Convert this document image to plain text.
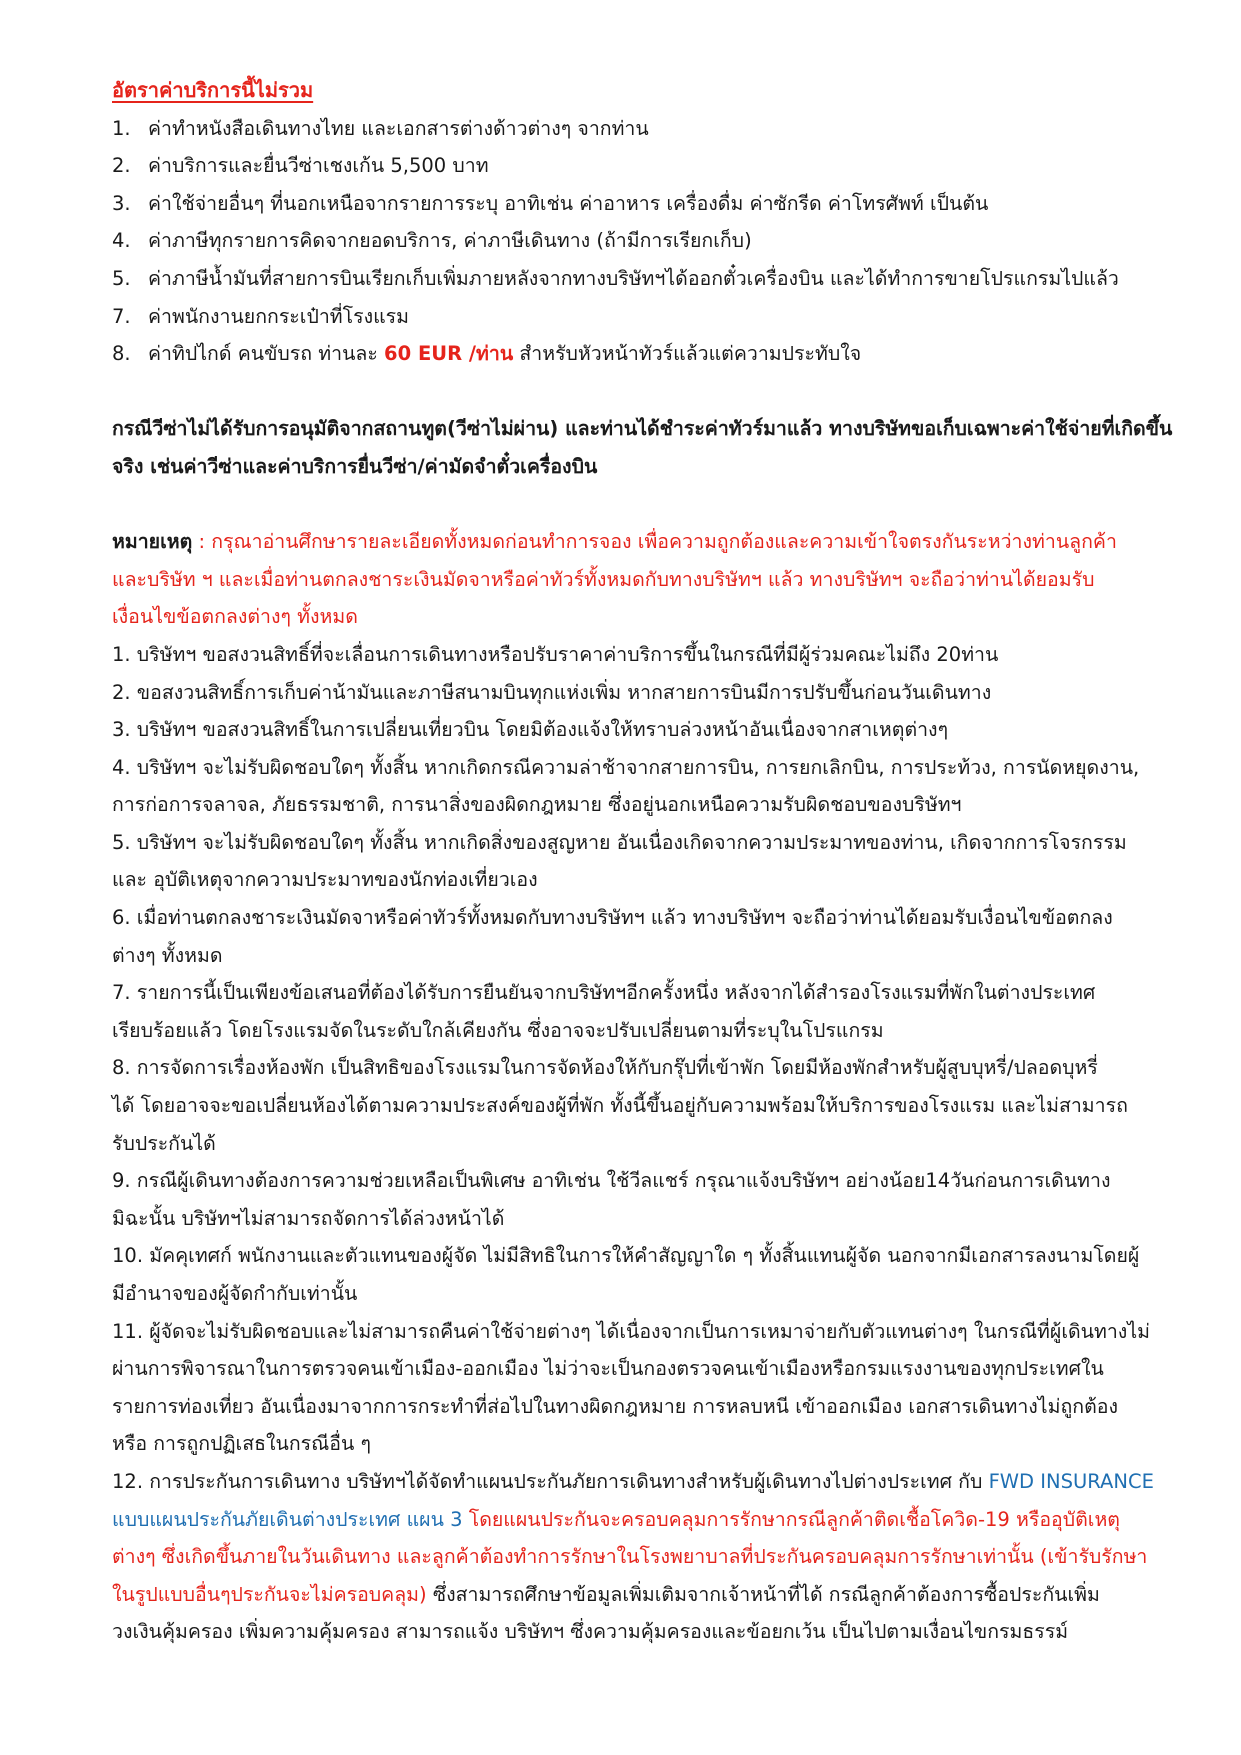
อัตราค่าบริการนี้ไม่รวม
1. ค่าทำหนังสือเดินทางไทย และเอกสารต่างด้าวต่างๆ จากท่าน
2. ค่าบริการและยื่นวีซ่าเชงเก้น 5,500 บาท
3. ค่าใช้จ่ายอื่นๆ ที่นอกเหนือจากรายการระบุ อาทิเช่น ค่าอาหาร เครื่องดื่ม ค่าซักรีด ค่าโทรศัพท์ เป็นต้น
4. ค่าภาษีทุกรายการคิดจากยอดบริการ, ค่าภาษีเดินทาง (ถ้ามีการเรียกเก็บ)
5. ค่าภาษีน้ำมันที่สายการบินเรียกเก็บเพิ่มภายหลังจากทางบริษัทฯได้ออกตั๋วเครื่องบิน และได้ทำการขายโปรแกรมไปแล้ว
7. ค่าพนักงานยกกระเป๋าที่โรงแรม
8. ค่าทิปไกด์ คนขับรถ ท่านละ 60 EUR /ท่าน สำหรับหัวหน้าทัวร์แล้วแต่ความประทับใจ
กรณีวีซ่าไม่ได้รับการอนุมัติจากสถานทูต(วีซ่าไม่ผ่าน) และท่านได้ชำระค่าทัวร์มาแล้ว ทางบริษัทขอเก็บเฉพาะค่าใช้จ่ายที่เกิดขึ้น
จริง เช่นค่าวีซ่าและค่าบริการยื่นวีซ่า/ค่ามัดจำตั๋วเครื่องบิน
หมายเหตุ : กรุณาอ่านศึกษารายละเอียดทั้งหมดก่อนทำการจอง เพื่อความถูกต้องและความเข้าใจตรงกันระหว่างท่านลูกค้า
และบริษัท ฯ และเมื่อท่านตกลงชาระเงินมัดจาหรือค่าทัวร์ทั้งหมดกับทางบริษัทฯ แล้ว ทางบริษัทฯ จะถือว่าท่านได้ยอมรับ
เงื่อนไขข้อตกลงต่างๆ ทั้งหมด
1. บริษัทฯ ขอสงวนสิทธิ์ที่จะเลื่อนการเดินทางหรือปรับราคาค่าบริการขึ้นในกรณีที่มีผู้ร่วมคณะไม่ถึง 20ท่าน
2. ขอสงวนสิทธิ์การเก็บค่าน้ามันและภาษีสนามบินทุกแห่งเพิ่ม หากสายการบินมีการปรับขึ้นก่อนวันเดินทาง
3. บริษัทฯ ขอสงวนสิทธิ์ในการเปลี่ยนเที่ยวบิน โดยมิต้องแจ้งให้ทราบล่วงหน้าอันเนื่องจากสาเหตุต่างๆ
4. บริษัทฯ จะไม่รับผิดชอบใดๆ ทั้งสิ้น หากเกิดกรณีความล่าช้าจากสายการบิน, การยกเลิกบิน, การประท้วง, การนัดหยุดงาน,
การก่อการจลาจล, ภัยธรรมชาติ, การนาสิ่งของผิดกฎหมาย ซึ่งอยู่นอกเหนือความรับผิดชอบของบริษัทฯ
5. บริษัทฯ จะไม่รับผิดชอบใดๆ ทั้งสิ้น หากเกิดสิ่งของสูญหาย อันเนื่องเกิดจากความประมาทของท่าน, เกิดจากการโจรกรรม
และ อุบัติเหตุจากความประมาทของนักท่องเที่ยวเอง
6. เมื่อท่านตกลงชาระเงินมัดจาหรือค่าทัวร์ทั้งหมดกับทางบริษัทฯ แล้ว ทางบริษัทฯ จะถือว่าท่านได้ยอมรับเงื่อนไขข้อตกลง
ต่างๆ ทั้งหมด
7. รายการนี้เป็นเพียงข้อเสนอที่ต้องได้รับการยืนยันจากบริษัทฯอีกครั้งหนึ่ง หลังจากได้สำรองโรงแรมที่พักในต่างประเทศ
เรียบร้อยแล้ว โดยโรงแรมจัดในระดับใกล้เคียงกัน ซึ่งอาจจะปรับเปลี่ยนตามที่ระบุในโปรแกรม
8. การจัดการเรื่องห้องพัก เป็นสิทธิของโรงแรมในการจัดห้องให้กับกรุ๊ปที่เข้าพัก โดยมีห้องพักสำหรับผู้สูบบุหรี่/ปลอดบุหรี่
ได้ โดยอาจจะขอเปลี่ยนห้องได้ตามความประสงค์ของผู้ที่พัก ทั้งนี้ขึ้นอยู่กับความพร้อมให้บริการของโรงแรม และไม่สามารถ
รับประกันได้
9. กรณีผู้เดินทางต้องการความช่วยเหลือเป็นพิเศษ อาทิเช่น ใช้วีลแชร์ กรุณาแจ้งบริษัทฯ อย่างน้อย14วันก่อนการเดินทาง
มิฉะนั้น บริษัทฯไม่สามารถจัดการได้ล่วงหน้าได้
10. มัคคุเทศก์ พนักงานและตัวแทนของผู้จัด ไม่มีสิทธิในการให้คำสัญญาใด ๆ ทั้งสิ้นแทนผู้จัด นอกจากมีเอกสารลงนามโดยผู้
มีอำนาจของผู้จัดกำกับเท่านั้น
11. ผู้จัดจะไม่รับผิดชอบและไม่สามารถคืนค่าใช้จ่ายต่างๆ ได้เนื่องจากเป็นการเหมาจ่ายกับตัวแทนต่างๆ ในกรณีที่ผู้เดินทางไม่
ผ่านการพิจารณาในการตรวจคนเข้าเมือง-ออกเมือง ไม่ว่าจะเป็นกองตรวจคนเข้าเมืองหรือกรมแรงงานของทุกประเทศใน
รายการท่องเที่ยว อันเนื่องมาจากการกระทำที่ส่อไปในทางผิดกฎหมาย การหลบหนี เข้าออกเมือง เอกสารเดินทางไม่ถูกต้อง
หรือ การถูกปฏิเสธในกรณีอื่น ๆ
12. การประกันการเดินทาง บริษัทฯได้จัดทำแผนประกันภัยการเดินทางสำหรับผู้เดินทางไปต่างประเทศ กับ FWD INSURANCE
แบบแผนประกันภัยเดินต่างประเทศ แผน 3 โดยแผนประกันจะครอบคลุมการรักษากรณีลูกค้าติดเชื้อโควิด-19 หรืออุบัติเหตุ
ต่างๆ ซึ่งเกิดขึ้นภายในวันเดินทาง และลูกค้าต้องทำการรักษาในโรงพยาบาลที่ประกันครอบคลุมการรักษาเท่านั้น (เข้ารับรักษา
ในรูปแบบอื่นๆประกันจะไม่ครอบคลุม) ซึ่งสามารถศึกษาข้อมูลเพิ่มเติมจากเจ้าหน้าที่ได้ กรณีลูกค้าต้องการซื้อประกันเพิ่ม
วงเงินคุ้มครอง เพิ่มความคุ้มครอง สามารถแจ้ง บริษัทฯ ซึ่งความคุ้มครองและข้อยกเว้น เป็นไปตามเงื่อนไขกรมธรรม์
